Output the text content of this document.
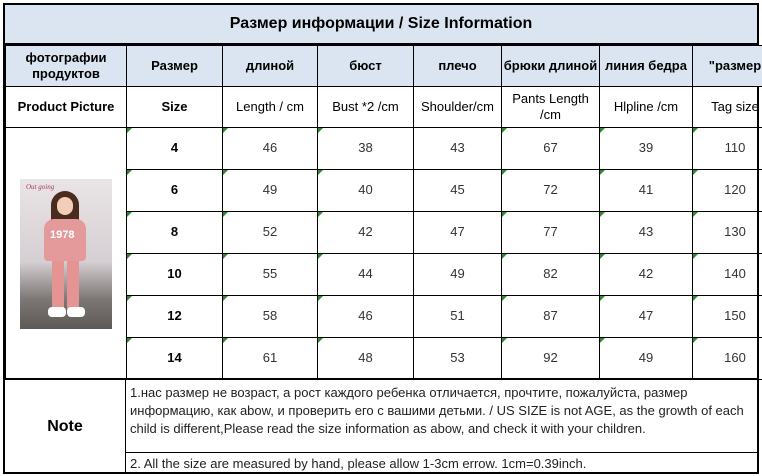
Размер информации / Size Information
фотографии продуктов	Размер	длиной	бюст	плечо	брюки длиной	линия бедра	"размер
Product Picture	Size	Length / cm	Bust *2 /cm	Shoulder/cm	Pants Length /cm	Hlpline /cm	Tag size

Out going
1978	4	46	38	43	67	39	110
	6	49	40	45	72	41	120
	8	52	42	47	77	43	130
	10	55	44	49	82	42	140
	12	58	46	51	87	47	150
	14	61	48	53	92	49	160
Note
1.нас размер не возраст, а рост каждого ребенка отличается, прочтите, пожалуйста, размер информацию, как abow, и проверить его с вашими детьми. / US SIZE is not AGE, as the growth of each child is different,Please read the size information as abow, and check it with your children.
2. All the size are measured by hand, please allow 1-3cm errow. 1cm=0.39inch.
